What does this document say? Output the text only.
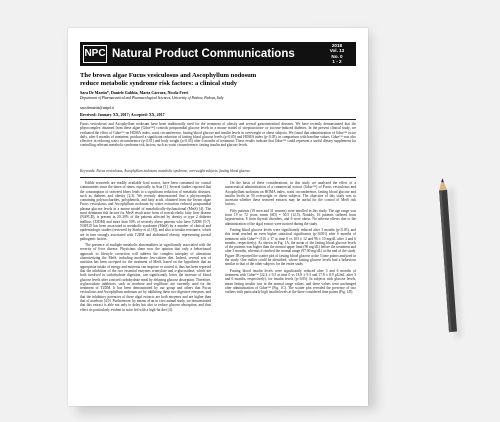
NPC Natural Product Communications
2018
Vol. 13
No. 0
1 - 2
The brown algae Fucus vesiculosus and Ascophyllum nodosum
reduce metabolic syndrome risk factors: a clinical study
Sara De Martin*, Daniele Gabbia, Marta Carrara, Nicola Ferri
Department of Pharmaceutical and Pharmacological Sciences, University of Padova, Padova, Italy
sara.demartin@unipd.it
Received: January XX, 2017; Accepted: XX, 2017
Fucus vesiculosus and Ascophyllum nodosum have been traditionally used for the treatment of obesity and several gastrointestinal diseases. We have recently demonstrated that the phytocomplex obtained from these algae (Gdue™) controls postprandial glucose levels in a mouse model of streptozotocin- or sucrose-induced diabetes. In the present clinical study, we evaluated the effect of Gdue™ on HOMA index, waist circumference, fasting blood glucose and insulin levels in overweight or obese subjects. We found that administration of Gdue™ twice daily, after 6 months of treatment, produced a significant reduction of fasting blood glucose levels (p<0.05) and HOMA index (p<0.05), in comparison with baseline values. Gdue™ was also effective in reducing waist circumference (p<0.01) and body weight (p<0.05) after 6 months of treatment. These results indicate that Gdue™ could represent a useful dietary supplement for controlling relevant metabolic syndrome risk factors, such as waist circumference, fasting insulin and glucose levels.
Keywords: Fucus vesiculosus, Ascophyllum nodosum, metabolic syndrome, overweight subjects, fasting blood glucose.

Edible seaweeds are readily available food source, have been consumed for coastal communities since the dawn of times, especially in Asia [1]. Several studies reported that the consumption of seaweed fibers leads to a significant reduction of metabolic diseases, such as diabetes and obesity [2,3]. We recently demonstrated that a phytocomplex containing polysaccharides, polyphenols, and fatty acids, obtained from the brown algae Fucus vesiculosus and Ascophyllum nodosum by water extraction reduced postprandial plasma glucose levels in a mouse model of metabolically-dysfunctional (MetS) [4]. The most dominant risk factors for MetS result arise from of non-alcoholic fatty liver disease (NAFLD), is present in 20–30% of the patients affected by obesity or type 2 diabetes mellitus (T2DM) and more than 50% of severely obese patients who have T2DM [5-7]. NAFLD has been associated to metabolic syndrome (MetS) by a number of clinical and epidemiologic studies (reviewed by Starley et al. [8]), and also to insulin resistance, which are in turn strongly associated with T2DM and abdominal obesity, representing pivotal pathogenic factors.

The presence of multiple metabolic abnormalities in significantly associated with the severity of liver disease. Physicians share now the opinion that only a behavioural approach to lifestyle correction will address the complex interplay of alterations characterizing the MetS, including moderate low-calorie diet. Indeed, several sets of nutrition has been accepted for the treatment of MetS, based on the hypothesis that an appropriate intake of energy and nutrients can improve or control it, thus has been reported that the inhibition of the two essential enzymes α-amylase and α-glucosidase, which are both involved in carbohydrate digestion, can significantly lower the increase of blood glucose levels after a mixed carbohydrate meal by delaying glucose absorption. Therefore, α-glucosidase inhibitors, such as acarbose and voglibose, are currently used for the treatment of T2DM. It has been demonstrated by our group and others that Fucus vesiculosus and Ascophyllum nodosum act by inhibiting these two digestive enzymes, and that the inhibitory potencies of these algal extracts are both enzymes and are higher than that of acarbose [4,9]. Furthermore, by means of an in vivo animal study, we demonstrated that this extract is able not only to delay but also to reduce glucose absorption, and thus effect its particularly evident in mice fed with a high-fat diet [4].

On the basis of these considerations, in this study we analyzed the effect of a nutraceutical administration of a commercial extract (Gdue™) of Fucus vesiculosus and Ascophyllum nodosum on HOMA index, waist circumference, fasting blood glucose and insulin levels in 50 overweight or obese subjects. The objective of this study was to ascertain whether these seaweed extracts may be useful for the control of MetS risk factors.

Fifty patients (19 men and 31 women) were enrolled in this study. The age range was from 19 to 72 years, mean (SD) = 50.5 (12.5). Notably, 16 patients suffered from hypertension, 8 from thyroid disorders, and 6 were obese. No adverse effects due to the administration of the algal extract were noticed during the study.

Fasting blood glucose levels were significantly reduced after 3 months (p<0.05), and this trend reached an even higher statistical significance (p<0.001) after 6 months of treatment with Gdue™ (110 ± 17 at time 0 vs 103 ± 12 and 96 ± 10 mg/dL after 3 and 6 months, respectively). As shown in Fig. 1A, the mean of the fasting blood glucose levels of the patients was higher than the normal upper limit (90 mg/dL) before the treatment and after 3 months, whereas it reached the normal range (97.00 mg/dL) at the end of the study. Figure 1B reported the scatter plot of fasting blood glucose at the 3 time points analyzed in the study. One outlier could be identified, whose fasting glucose levels had a behaviour similar to that of the other subjects for the entire study.

Fasting blood insulin levels were significantly reduced after 3 and 6 months of treatment with Gdue™ (22.4 ± 9.5 at time 0 vs 18.8 ± 9.3 and 17.8 ± 8.9 µU/mL after 3 and 6 months, respectively), for insulin levels (p<0.05). In subjects with glucose levels, mean fasting insulin was in the normal range values, and these values were unchanged after administration of Gdue™ (Fig. 1C). The scatter plot revealed the presence of two outliers with particularly high insulin levels at the three considered time points (Fig. 1D).
